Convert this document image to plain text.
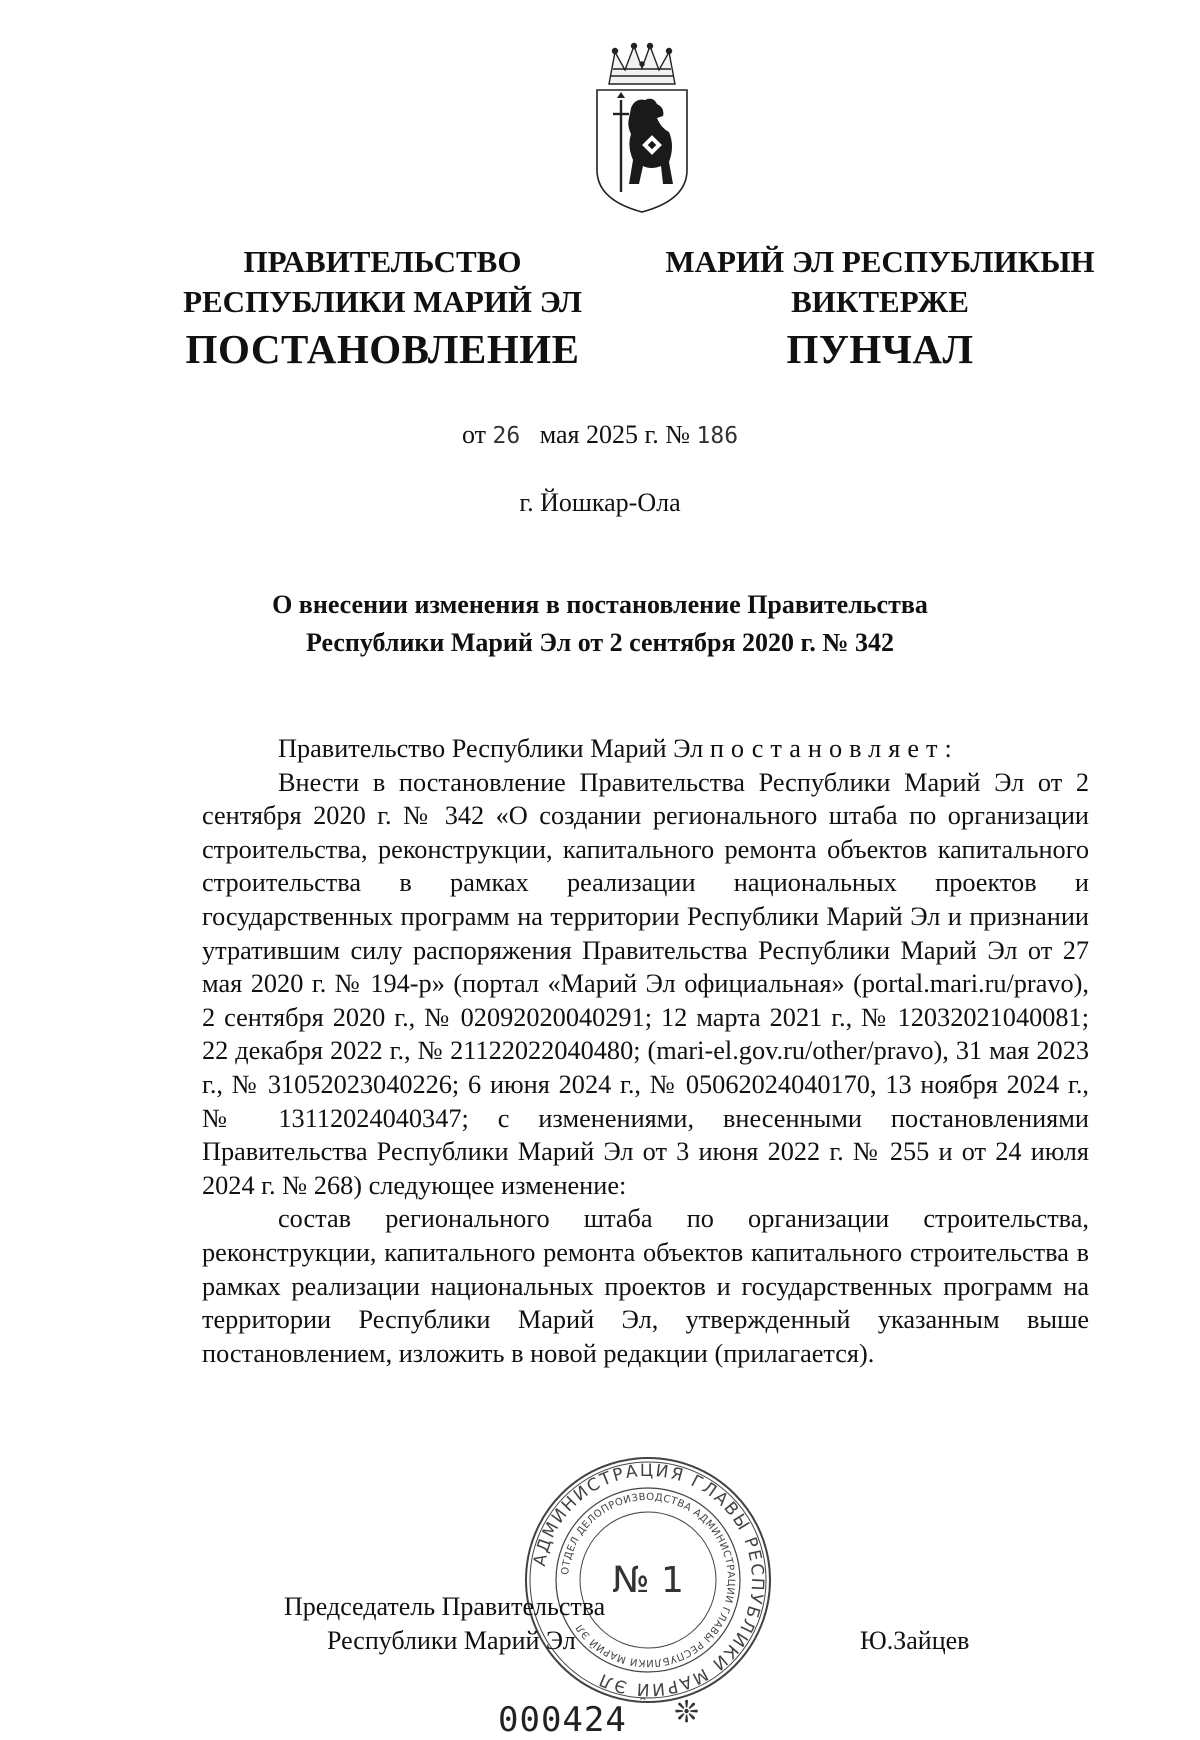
ПРАВИТЕЛЬСТВО
РЕСПУБЛИКИ МАРИЙ ЭЛ
МАРИЙ ЭЛ РЕСПУБЛИКЫН
ВИКТЕРЖЕ
ПОСТАНОВЛЕНИЕ	ПУНЧАЛ
от 26 мая 2025 г. № 186
г. Йошкар-Ола
О внесении изменения в постановление Правительства
Республики Марий Эл от 2 сентября 2020 г. № 342

Правительство Республики Марий Эл постановляет:

Внести в постановление Правительства Республики Марий Эл от 2 сентября 2020 г. № 342 «О создании регионального штаба по организации строительства, реконструкции, капитального ремонта объектов капитального строительства в рамках реализации национальных проектов и государственных программ на территории Республики Марий Эл и признании утратившим силу распоряжения Правительства Республики Марий Эл от 27 мая 2020 г. № 194-р» (портал «Марий Эл официальная» (portal.mari.ru/pravo), 2 сентября 2020 г., № 02092020040291; 12 марта 2021 г., № 12032021040081; 22 декабря 2022 г., № 21122022040480; (mari-el.gov.ru/other/pravo), 31 мая 2023 г., № 31052023040226; 6 июня 2024 г., № 05062024040170, 13 ноября 2024 г., № 13112024040347; с изменениями, внесенными постановлениями Правительства Республики Марий Эл от 3 июня 2022 г. № 255 и от 24 июля 2024 г. № 268) следующее изменение:

состав регионального штаба по организации строительства, реконструкции, капитального ремонта объектов капитального строительства в рамках реализации национальных проектов и государственных программ на территории Республики Марий Эл, утвержденный указанным выше постановлением, изложить в новой редакции (прилагается).

АДМИНИСТРАЦИЯ ГЛАВЫ РЕСПУБЛИКИ МАРИЙ ЭЛ
ОТДЕЛ ДЕЛОПРОИЗВОДСТВА АДМИНИСТРАЦИИ ГЛАВЫ РЕСПУБЛИКИ МАРИЙ ЭЛ
№ 1
Председатель Правительства
Республики Марий Эл	Ю.Зайцев
000424 ❊
